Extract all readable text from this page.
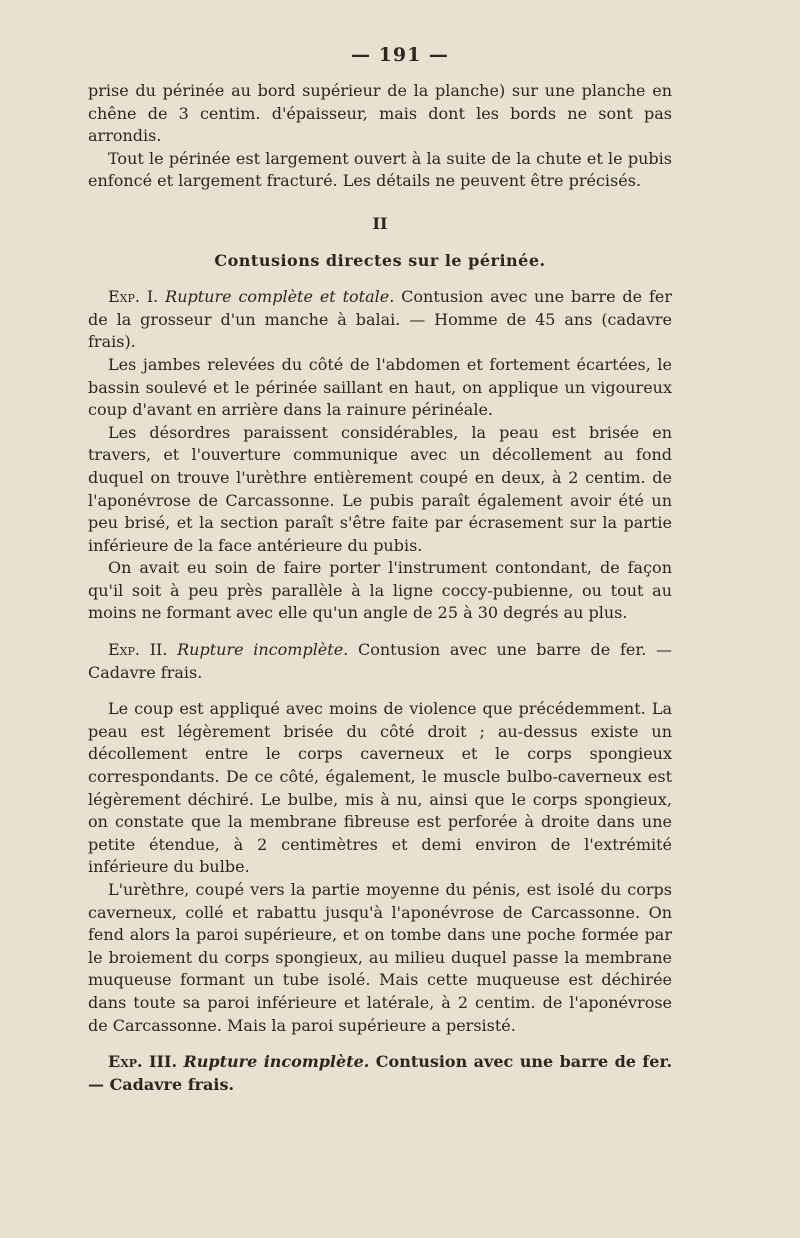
— 191 —

prise du périnée au bord supérieur de la planche) sur une planche en chêne de 3 centim. d'épaisseur, mais dont les bords ne sont pas arrondis.

Tout le périnée est largement ouvert à la suite de la chute et le pubis enfoncé et largement fracturé. Les détails ne peuvent être précisés.

II
Contusions directes sur le périnée.

Exp. I. Rupture complète et totale. Contusion avec une barre de fer de la grosseur d'un manche à balai. — Homme de 45 ans (cadavre frais).

Les jambes relevées du côté de l'abdomen et fortement écartées, le bassin soulevé et le périnée saillant en haut, on applique un vigoureux coup d'avant en arrière dans la rainure périnéale.

Les désordres paraissent considérables, la peau est brisée en travers, et l'ouverture communique avec un décollement au fond duquel on trouve l'urèthre entièrement coupé en deux, à 2 centim. de l'aponévrose de Carcassonne. Le pubis paraît également avoir été un peu brisé, et la section paraît s'être faite par écrasement sur la partie inférieure de la face antérieure du pubis.

On avait eu soin de faire porter l'instrument contondant, de façon qu'il soit à peu près parallèle à la ligne coccy-pubienne, ou tout au moins ne formant avec elle qu'un angle de 25 à 30 degrés au plus.

Exp. II. Rupture incomplète. Contusion avec une barre de fer. — Cadavre frais.

Le coup est appliqué avec moins de violence que précédemment. La peau est légèrement brisée du côté droit ; au-dessus existe un décollement entre le corps caverneux et le corps spongieux correspondants. De ce côté, également, le muscle bulbo-caverneux est légèrement déchiré. Le bulbe, mis à nu, ainsi que le corps spongieux, on constate que la membrane fibreuse est perforée à droite dans une petite étendue, à 2 centimètres et demi environ de l'extrémité inférieure du bulbe.

L'urèthre, coupé vers la partie moyenne du pénis, est isolé du corps caverneux, collé et rabattu jusqu'à l'aponévrose de Carcassonne. On fend alors la paroi supérieure, et on tombe dans une poche formée par le broiement du corps spongieux, au milieu duquel passe la membrane muqueuse formant un tube isolé. Mais cette muqueuse est déchirée dans toute sa paroi inférieure et latérale, à 2 centim. de l'aponévrose de Carcassonne. Mais la paroi supérieure a persisté.

Exp. III. Rupture incomplète. Contusion avec une barre de fer. — Cadavre frais.
